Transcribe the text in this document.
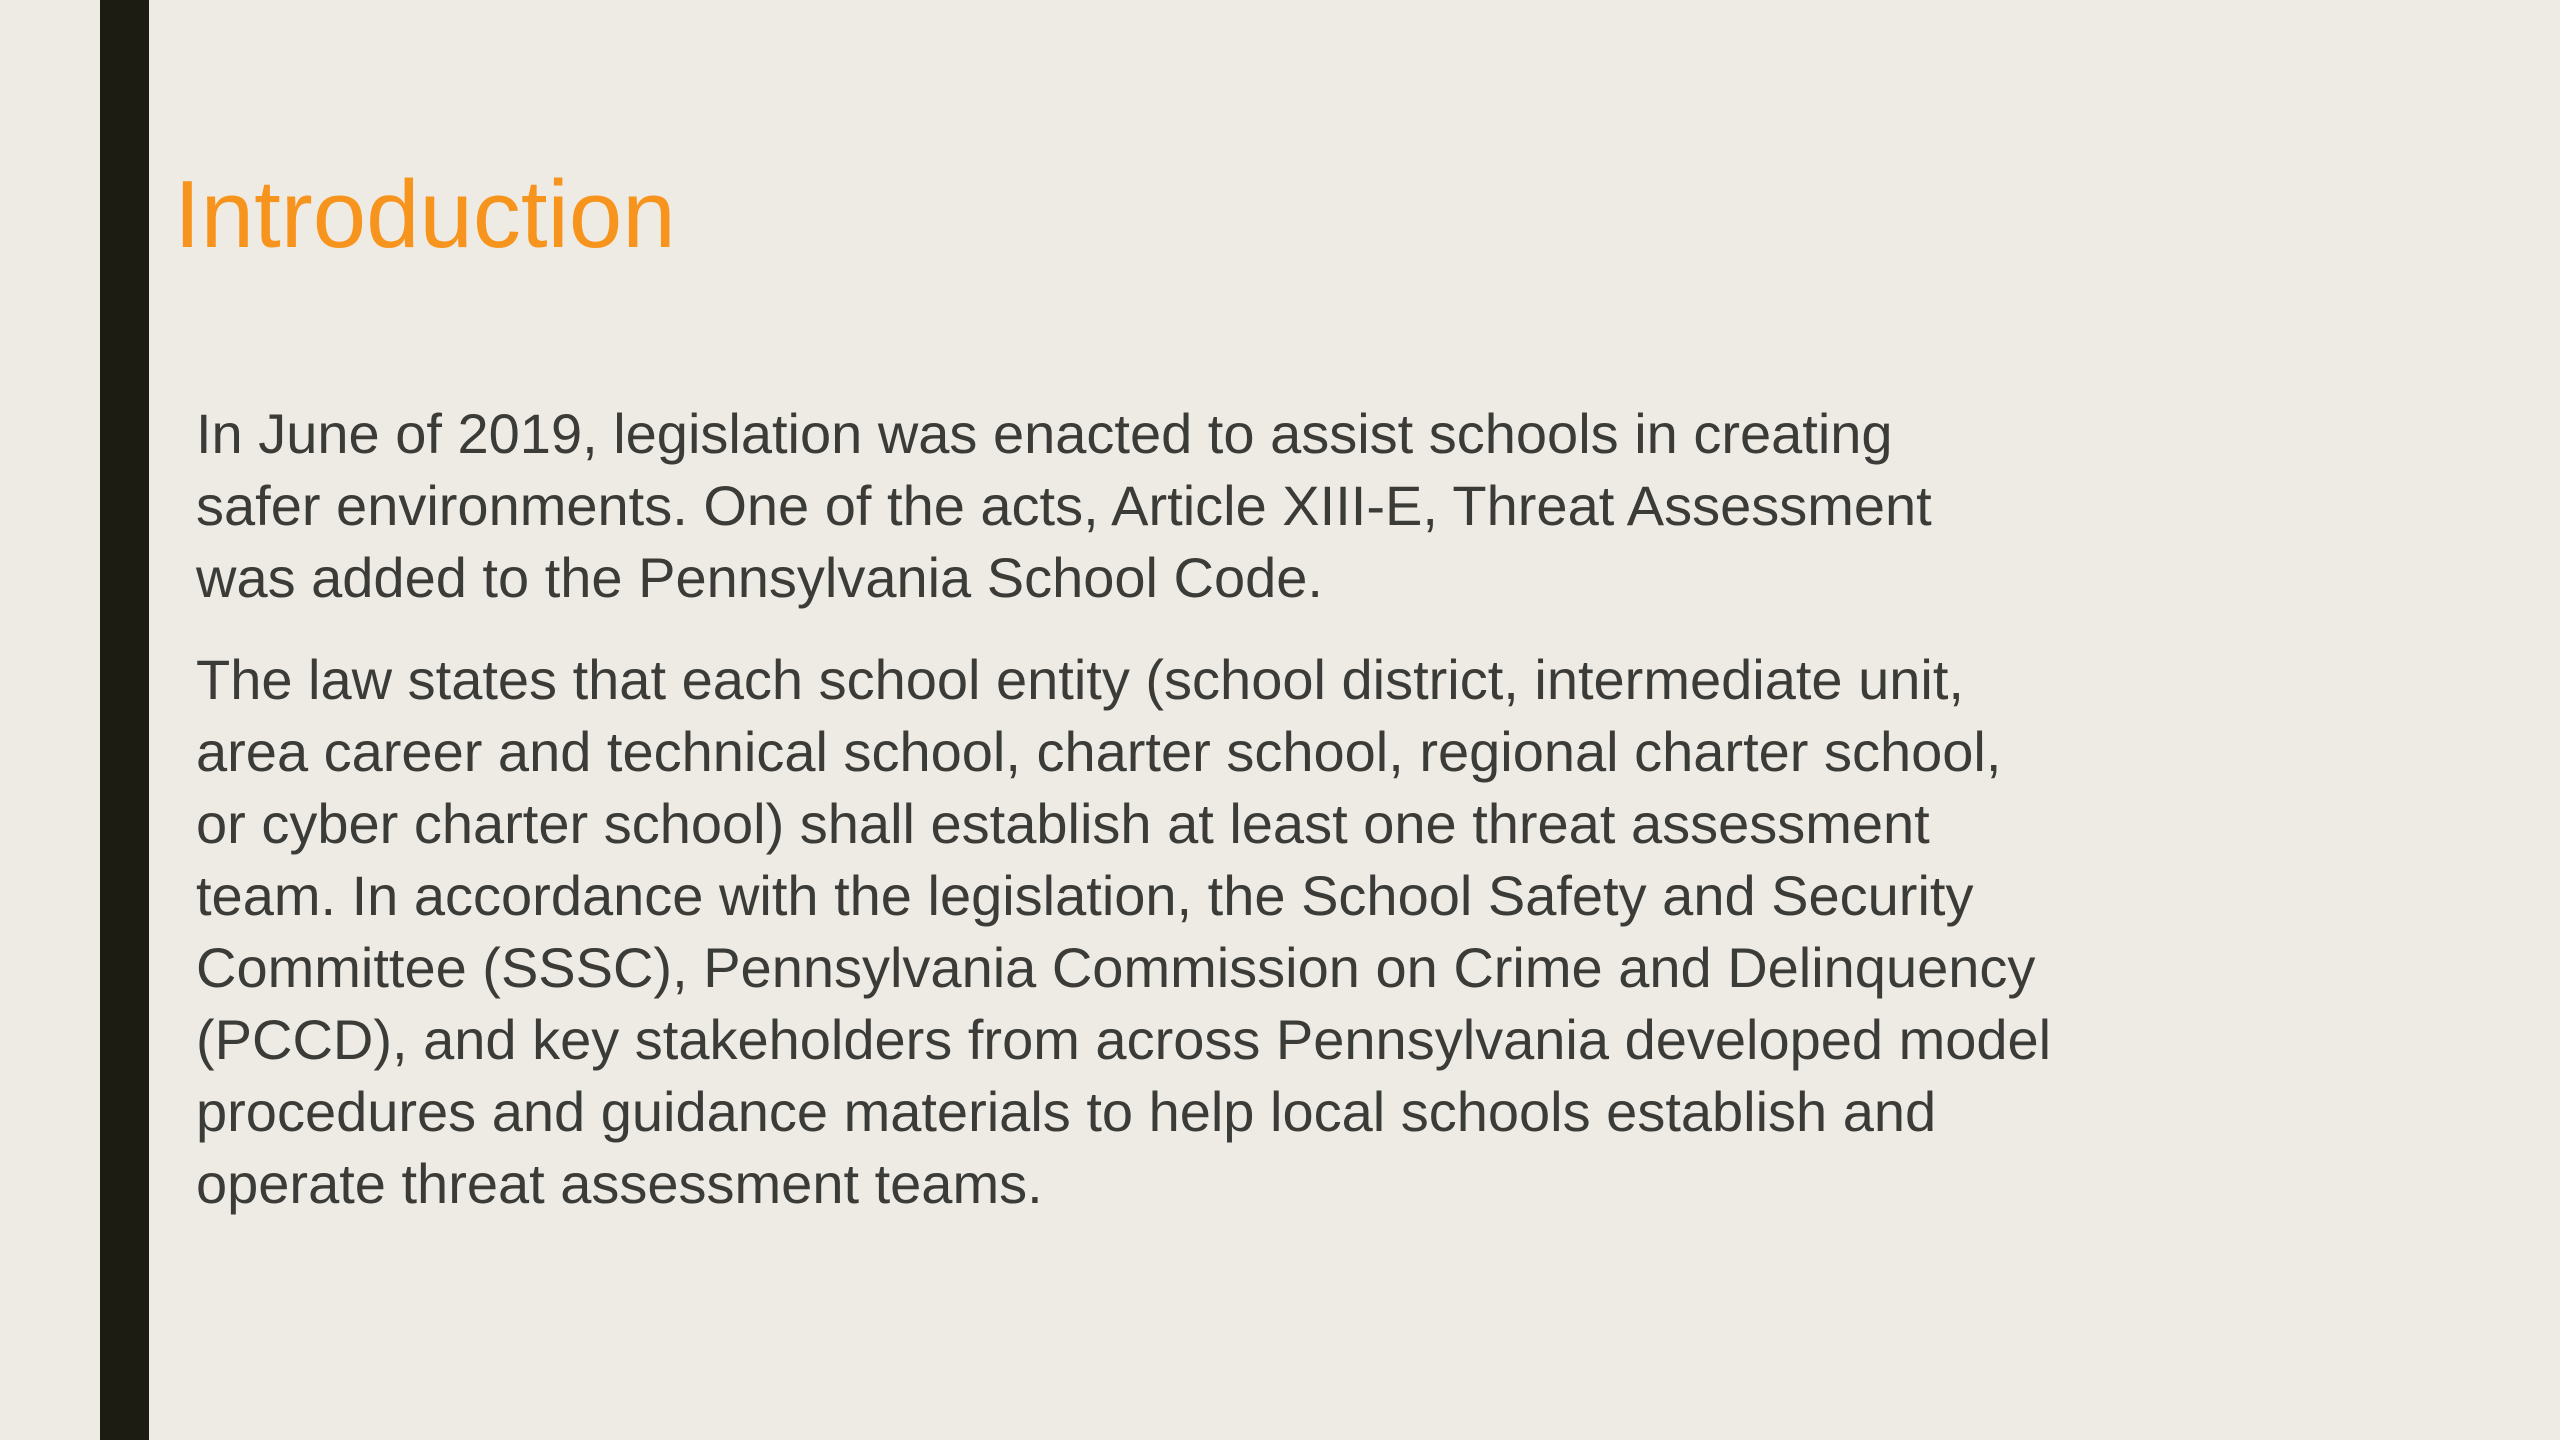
Introduction

In June of 2019, legislation was enacted to assist schools in creating
safer environments. One of the acts, Article XIII-E, Threat Assessment
was added to the Pennsylvania School Code.

The law states that each school entity (school district, intermediate unit,
area career and technical school, charter school, regional charter school,
or cyber charter school) shall establish at least one threat assessment
team. In accordance with the legislation, the School Safety and Security
Committee (SSSC), Pennsylvania Commission on Crime and Delinquency
(PCCD), and key stakeholders from across Pennsylvania developed model
procedures and guidance materials to help local schools establish and
operate threat assessment teams.
